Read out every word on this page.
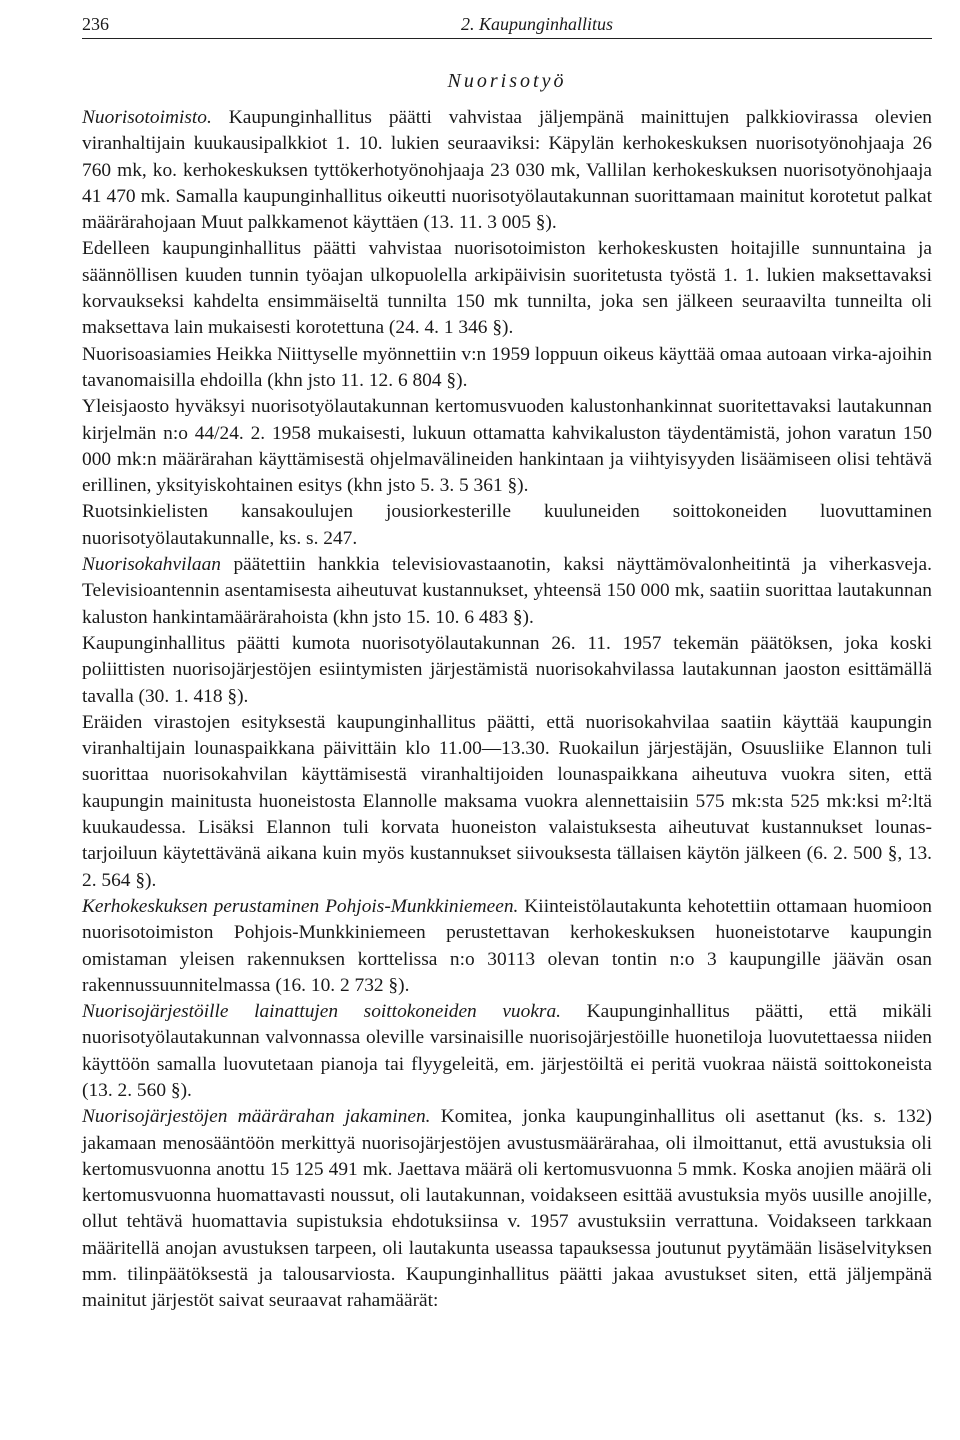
236	2. Kaupunginhallitus
Nuorisotyö

Nuorisotoimisto. Kaupunginhallitus päätti vahvistaa jäljempänä mainittujen palkkiovirassa olevien viranhaltijain kuukausipalkkiot 1. 10. lukien seuraaviksi: Käpylän kerhokeskuksen nuorisotyönohjaaja 26 760 mk, ko. kerhokeskuksen tyttökerhotyönohjaaja 23 030 mk, Vallilan kerhokeskuksen nuorisotyönohjaaja 41 470 mk. Samalla kaupunginhallitus oikeutti nuorisotyölautakunnan suorittamaan mainitut korotetut palkat määrärahojaan Muut palkkamenot käyttäen (13. 11. 3 005 §).

Edelleen kaupunginhallitus päätti vahvistaa nuorisotoimiston kerhokeskusten hoitajille sunnuntaina ja säännöllisen kuuden tunnin työajan ulkopuolella arkipäivisin suoritetusta työstä 1. 1. lukien maksettavaksi korvaukseksi kahdelta ensimmäiseltä tunnilta 150 mk tunnilta, joka sen jälkeen seuraavilta tunneilta oli maksettava lain mukaisesti korotettuna (24. 4. 1 346 §).

Nuorisoasiamies Heikka Niittyselle myönnettiin v:n 1959 loppuun oikeus käyttää omaa autoaan virka-ajoihin tavanomaisilla ehdoilla (khn jsto 11. 12. 6 804 §).

Yleisjaosto hyväksyi nuorisotyölautakunnan kertomusvuoden kalustonhankinnat suoritettavaksi lautakunnan kirjelmän n:o 44/24. 2. 1958 mukaisesti, lukuun ottamatta kahvikaluston täydentämistä, johon varatun 150 000 mk:n määrärahan käyttämisestä ohjelmavälineiden hankintaan ja viihtyisyyden lisäämiseen olisi tehtävä erillinen, yksityiskohtainen esitys (khn jsto 5. 3. 5 361 §).

Ruotsinkielisten kansakoulujen jousiorkesterille kuuluneiden soittokoneiden luovuttaminen nuorisotyölautakunnalle, ks. s. 247.

Nuorisokahvilaan päätettiin hankkia televisiovastaanotin, kaksi näyttämövalonheitintä ja viherkasveja. Televisioantennin asentamisesta aiheutuvat kustannukset, yhteensä 150 000 mk, saatiin suorittaa lautakunnan kaluston hankintamäärärahoista (khn jsto 15. 10. 6 483 §).

Kaupunginhallitus päätti kumota nuorisotyölautakunnan 26. 11. 1957 tekemän päätöksen, joka koski poliittisten nuorisojärjestöjen esiintymisten järjestämistä nuorisokahvilassa lautakunnan jaoston esittämällä tavalla (30. 1. 418 §).

Eräiden virastojen esityksestä kaupunginhallitus päätti, että nuorisokahvilaa saatiin käyttää kaupungin viranhaltijain lounaspaikkana päivittäin klo 11.00—13.30. Ruokailun järjestäjän, Osuusliike Elannon tuli suorittaa nuorisokahvilan käyttämisestä viranhaltijoiden lounaspaikkana aiheutuva vuokra siten, että kaupungin mainitusta huoneistosta Elannolle maksama vuokra alennettaisiin 575 mk:sta 525 mk:ksi m²:ltä kuukaudessa. Lisäksi Elannon tuli korvata huoneiston valaistuksesta aiheutuvat kustannukset lounastarjoiluun käytettävänä aikana kuin myös kustannukset siivouksesta tällaisen käytön jälkeen (6. 2. 500 §, 13. 2. 564 §).

Kerhokeskuksen perustaminen Pohjois-Munkkiniemeen. Kiinteistölautakunta kehotettiin ottamaan huomioon nuorisotoimiston Pohjois-Munkkiniemeen perustettavan kerhokeskuksen huoneistotarve kaupungin omistaman yleisen rakennuksen korttelissa n:o 30113 olevan tontin n:o 3 kaupungille jäävän osan rakennussuunnitelmassa (16. 10. 2 732 §).

Nuorisojärjestöille lainattujen soittokoneiden vuokra. Kaupunginhallitus päätti, että mikäli nuorisotyölautakunnan valvonnassa oleville varsinaisille nuorisojärjestöille huonetiloja luovutettaessa niiden käyttöön samalla luovutetaan pianoja tai flyygeleitä, em. järjestöiltä ei peritä vuokraa näistä soittokoneista (13. 2. 560 §).

Nuorisojärjestöjen määrärahan jakaminen. Komitea, jonka kaupunginhallitus oli asettanut (ks. s. 132) jakamaan menosääntöön merkittyä nuorisojärjestöjen avustusmäärärahaa, oli ilmoittanut, että avustuksia oli kertomusvuonna anottu 15 125 491 mk. Jaettava määrä oli kertomusvuonna 5 mmk. Koska anojien määrä oli kertomusvuonna huomattavasti noussut, oli lautakunnan, voidakseen esittää avustuksia myös uusille anojille, ollut tehtävä huomattavia supistuksia ehdotuksiinsa v. 1957 avustuksiin verrattuna. Voidakseen tarkkaan määritellä anojan avustuksen tarpeen, oli lautakunta useassa tapauksessa joutunut pyytämään lisäselvityksen mm. tilinpäätöksestä ja talousarviosta. Kaupunginhallitus päätti jakaa avustukset siten, että jäljempänä mainitut järjestöt saivat seuraavat rahamäärät:
